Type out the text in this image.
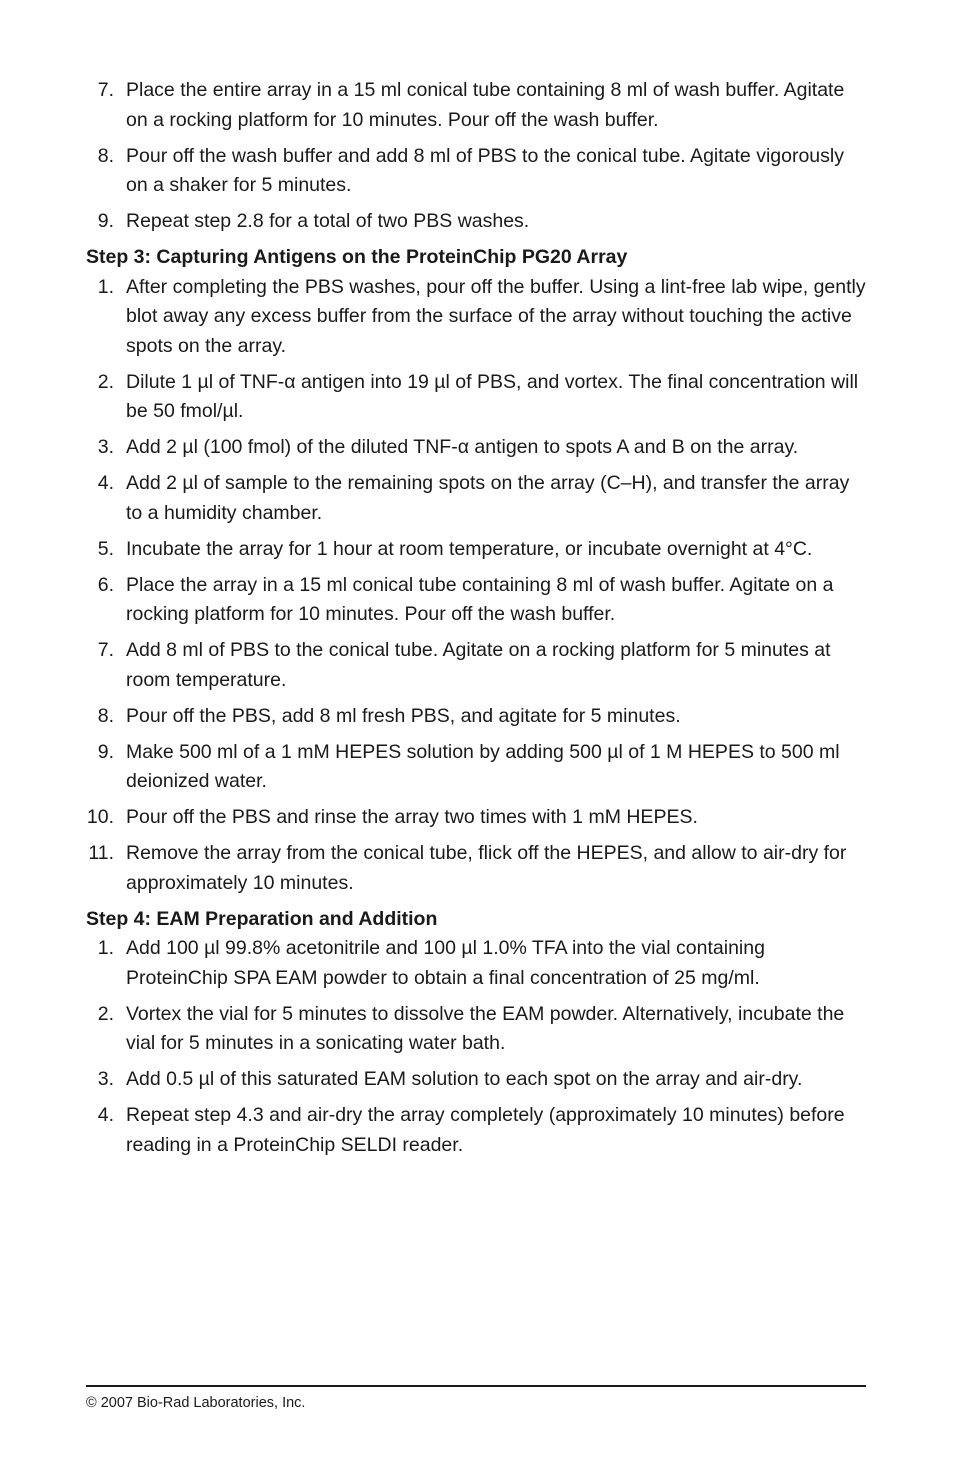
7. Place the entire array in a 15 ml conical tube containing 8 ml of wash buffer. Agitate on a rocking platform for 10 minutes. Pour off the wash buffer.
8. Pour off the wash buffer and add 8 ml of PBS to the conical tube. Agitate vigorously on a shaker for 5 minutes.
9. Repeat step 2.8 for a total of two PBS washes.
Step 3: Capturing Antigens on the ProteinChip PG20 Array
1. After completing the PBS washes, pour off the buffer. Using a lint-free lab wipe, gently blot away any excess buffer from the surface of the array without touching the active spots on the array.
2. Dilute 1 µl of TNF-α antigen into 19 µl of PBS, and vortex. The final concentration will be 50 fmol/µl.
3. Add 2 µl (100 fmol) of the diluted TNF-α antigen to spots A and B on the array.
4. Add 2 µl of sample to the remaining spots on the array (C–H), and transfer the array to a humidity chamber.
5. Incubate the array for 1 hour at room temperature, or incubate overnight at 4°C.
6. Place the array in a 15 ml conical tube containing 8 ml of wash buffer. Agitate on a rocking platform for 10 minutes. Pour off the wash buffer.
7. Add 8 ml of PBS to the conical tube. Agitate on a rocking platform for 5 minutes at room temperature.
8. Pour off the PBS, add 8 ml fresh PBS, and agitate for 5 minutes.
9. Make 500 ml of a 1 mM HEPES solution by adding 500 µl of 1 M HEPES to 500 ml deionized water.
10. Pour off the PBS and rinse the array two times with 1 mM HEPES.
11. Remove the array from the conical tube, flick off the HEPES, and allow to air-dry for approximately 10 minutes.
Step 4: EAM Preparation and Addition
1. Add 100 µl 99.8% acetonitrile and 100 µl 1.0% TFA into the vial containing ProteinChip SPA EAM powder to obtain a final concentration of 25 mg/ml.
2. Vortex the vial for 5 minutes to dissolve the EAM powder. Alternatively, incubate the vial for 5 minutes in a sonicating water bath.
3. Add 0.5 µl of this saturated EAM solution to each spot on the array and air-dry.
4. Repeat step 4.3 and air-dry the array completely (approximately 10 minutes) before reading in a ProteinChip SELDI reader.
© 2007 Bio-Rad Laboratories, Inc.
